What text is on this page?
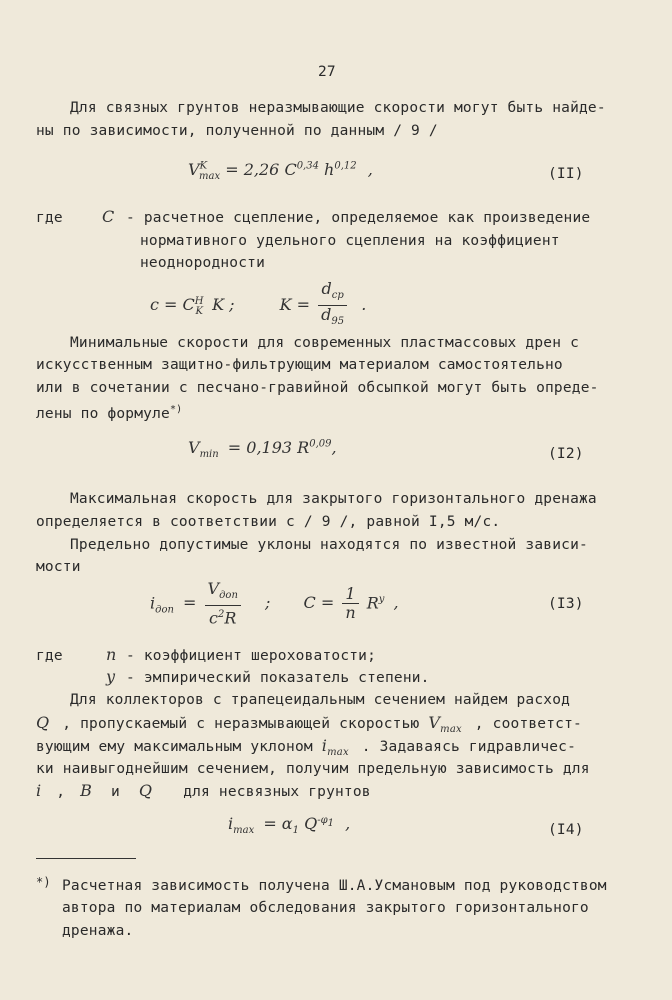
27
Для связных грунтов неразмывающие скорости могут быть найде-
ны по зависимости, полученной по данным / 9 /
$V^K_{max} = 2,26$ C$^{0,34}$ $h^{0,12}$ ,	(II)
где C - расчетное сцепление, определяемое как произведение
нормативного удельного сцепления на коэффициент
неоднородности
$c = C^H_K$ K ;	$K = \frac{d_{cp}}{d_{95}}$ .
Минимальные скорости для современных пластмассовых дрен с
искусственным защитно-фильтрующим материалом самостоятельно
или в сочетании с песчано-гравийной обсыпкой могут быть опреде-
лены по формуле*)
$V_{min} = 0,193$ R$^{0,09}$,	(I2)
Максимальная скорость для закрытого горизонтального дренажа
определяется в соответствии с / 9 /, равной I,5 м/с.
Предельно допустимые уклоны находятся по известной зависи-
мости
$i_{доп} = \frac{V_{доп}}{c^2R}$ ; $C = \frac{1}{n} R^y$ ,	(I3)
где	n - коэффициент шероховатости;
y - эмпирический показатель степени.
Для коллекторов с трапецеидальным сечением найдем расход
Q , пропускаемый с неразмывающей скоростью $V_{max}$ , соответст-
вующим ему максимальным уклоном $i_{max}$ . Задаваясь гидравличес-
ки наивыгоднейшим сечением, получим предельную зависимость для
i , B и Q для несвязных грунтов
$i_{max} = \alpha_1$ $Q^{-\varphi_1}$ ,	(I4)
*) Расчетная зависимость получена Ш.А.Усмановым под руководством
автора по материалам обследования закрытого горизонтального
дренажа.
